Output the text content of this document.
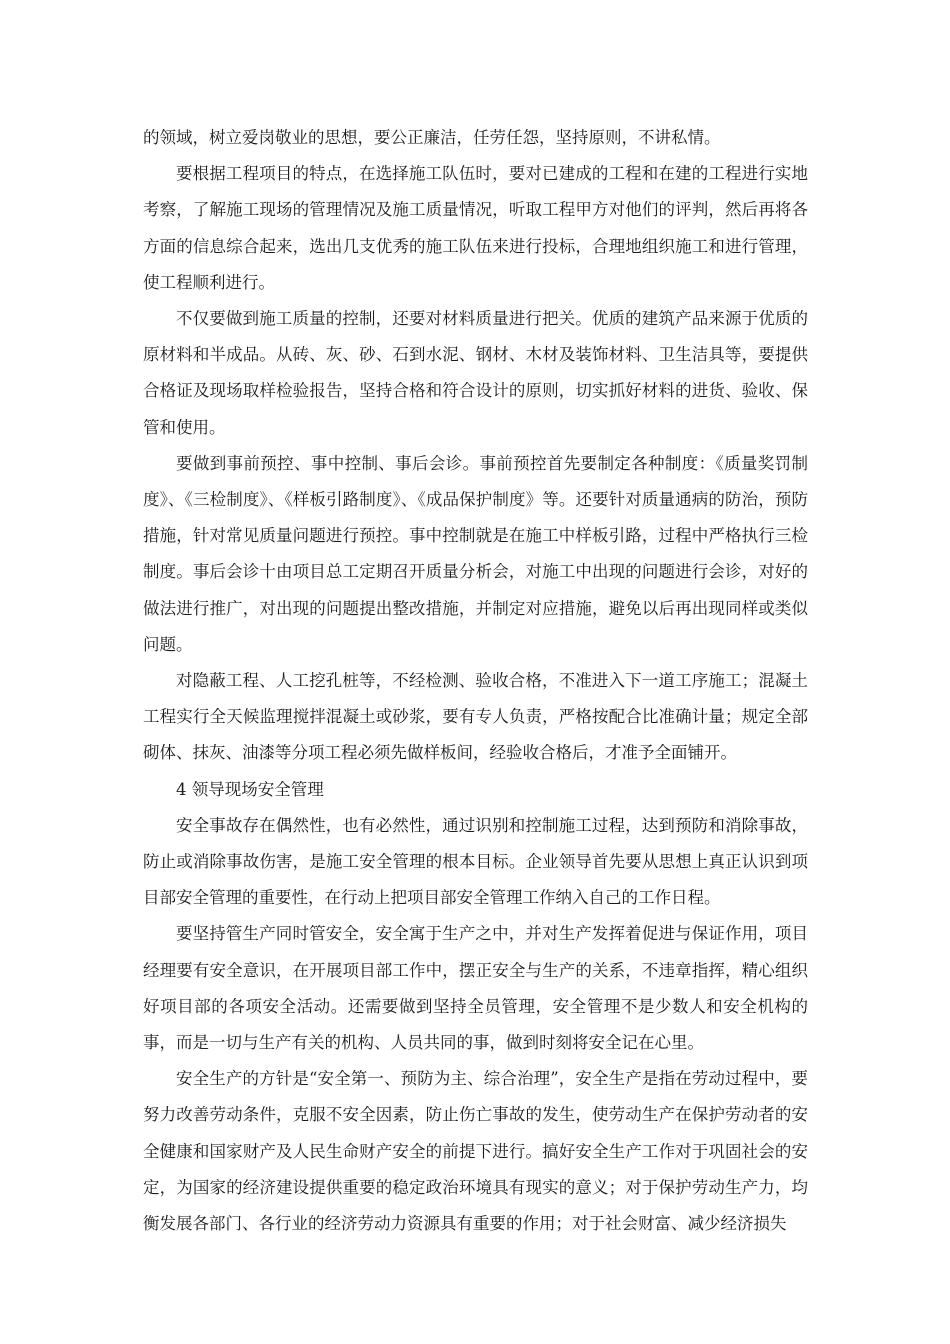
的领域，树立爱岗敬业的思想，要公正廉洁，任劳任怨，坚持原则，不讲私情。

要根据工程项目的特点，在选择施工队伍时，要对已建成的工程和在建的工程进行实地考察，了解施工现场的管理情况及施工质量情况，听取工程甲方对他们的评判，然后再将各方面的信息综合起来，选出几支优秀的施工队伍来进行投标，合理地组织施工和进行管理，使工程顺利进行。

不仅要做到施工质量的控制，还要对材料质量进行把关。优质的建筑产品来源于优质的原材料和半成品。从砖、灰、砂、石到水泥、钢材、木材及装饰材料、卫生洁具等，要提供合格证及现场取样检验报告，坚持合格和符合设计的原则，切实抓好材料的进货、验收、保管和使用。

要做到事前预控、事中控制、事后会诊。事前预控首先要制定各种制度：《质量奖罚制度》、《三检制度》、《样板引路制度》、《成品保护制度》等。还要针对质量通病的防治，预防措施，针对常见质量问题进行预控。事中控制就是在施工中样板引路，过程中严格执行三检制度。事后会诊十由项目总工定期召开质量分析会，对施工中出现的问题进行会诊，对好的做法进行推广，对出现的问题提出整改措施，并制定对应措施，避免以后再出现同样或类似问题。

对隐蔽工程、人工挖孔桩等，不经检测、验收合格，不准进入下一道工序施工；混凝土工程实行全天候监理搅拌混凝土或砂浆，要有专人负责，严格按配合比准确计量；规定全部砌体、抹灰、油漆等分项工程必须先做样板间，经验收合格后，才准予全面铺开。

4 领导现场安全管理

安全事故存在偶然性，也有必然性，通过识别和控制施工过程，达到预防和消除事故，防止或消除事故伤害，是施工安全管理的根本目标。企业领导首先要从思想上真正认识到项目部安全管理的重要性，在行动上把项目部安全管理工作纳入自己的工作日程。

要坚持管生产同时管安全，安全寓于生产之中，并对生产发挥着促进与保证作用，项目经理要有安全意识，在开展项目部工作中，摆正安全与生产的关系，不违章指挥，精心组织好项目部的各项安全活动。还需要做到坚持全员管理，安全管理不是少数人和安全机构的事，而是一切与生产有关的机构、人员共同的事，做到时刻将安全记在心里。

安全生产的方针是“安全第一、预防为主、综合治理”，安全生产是指在劳动过程中，要努力改善劳动条件，克服不安全因素，防止伤亡事故的发生，使劳动生产在保护劳动者的安全健康和国家财产及人民生命财产安全的前提下进行。搞好安全生产工作对于巩固社会的安定，为国家的经济建设提供重要的稳定政治环境具有现实的意义；对于保护劳动生产力，均衡发展各部门、各行业的经济劳动力资源具有重要的作用；对于社会财富、减少经济损失
